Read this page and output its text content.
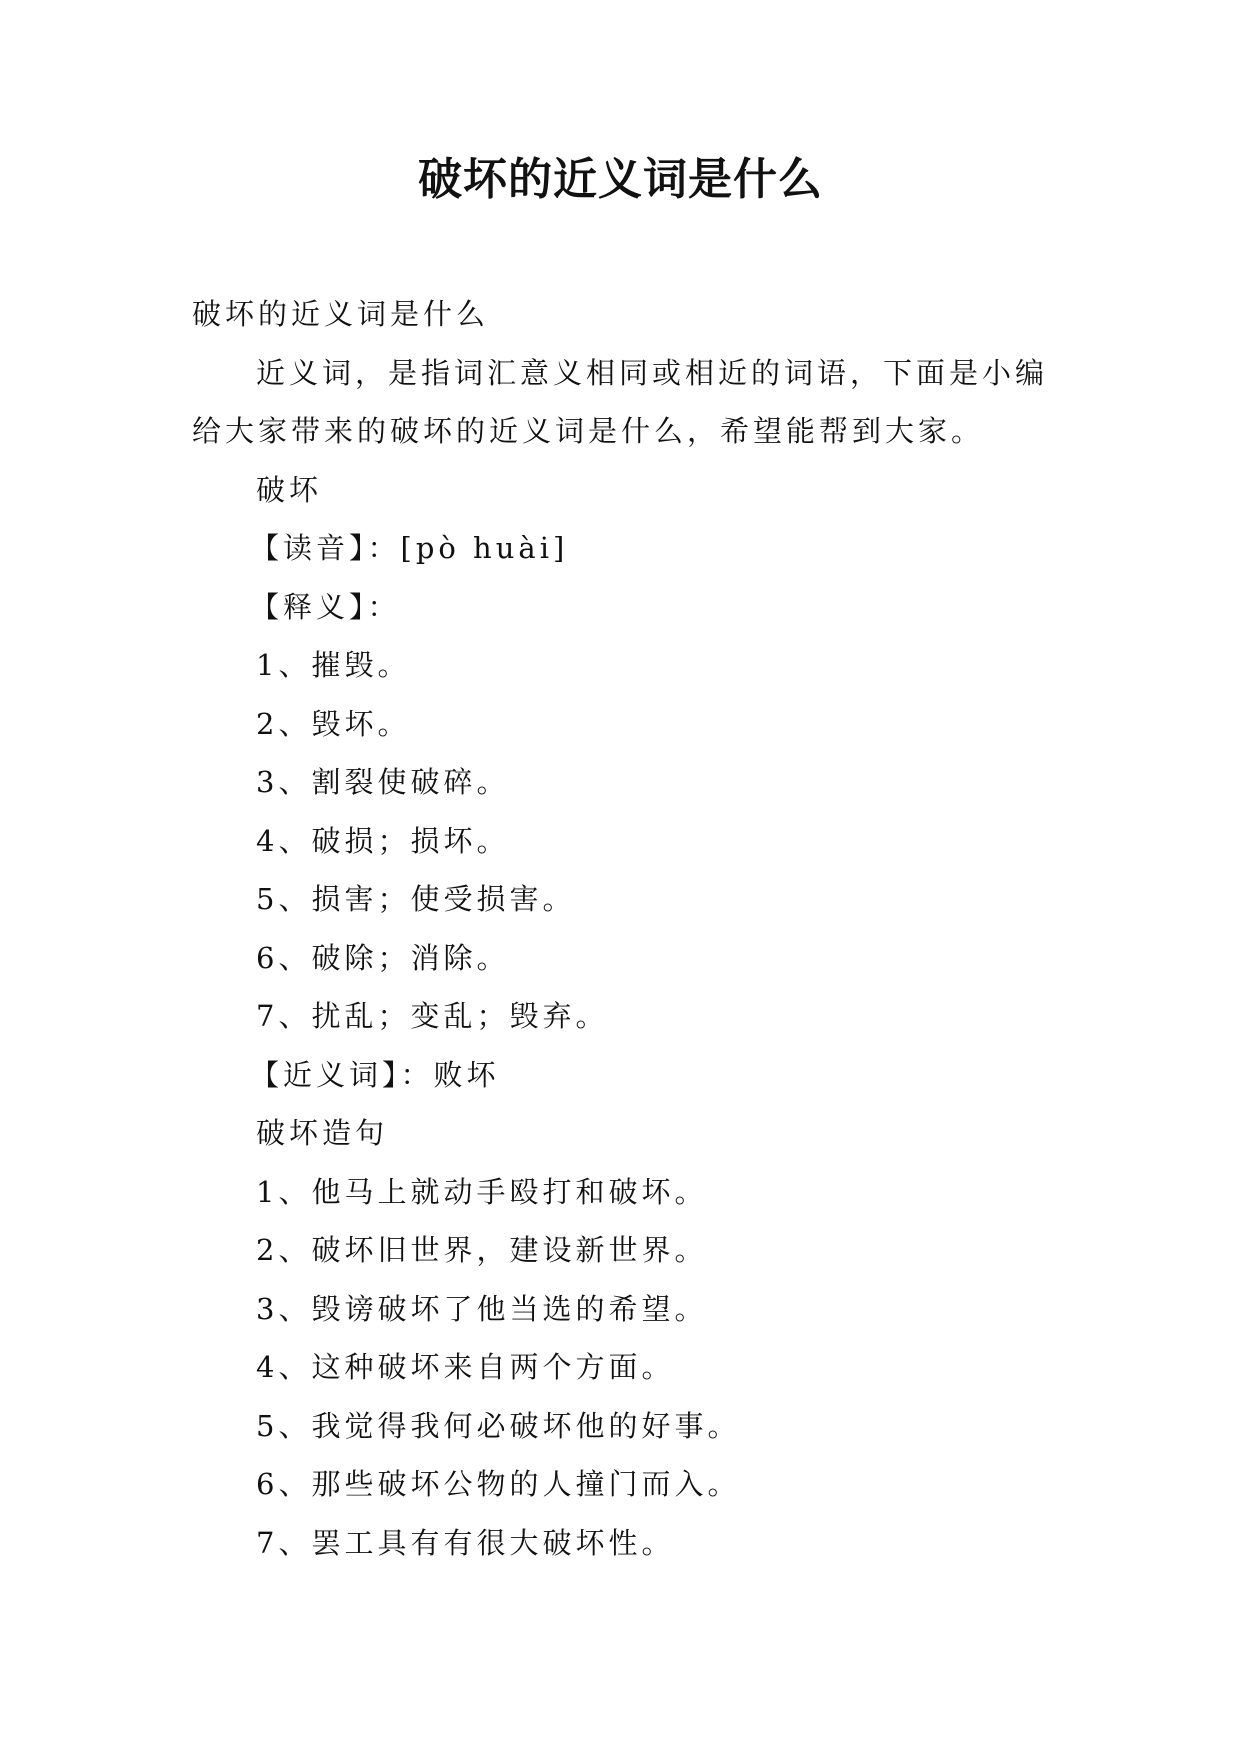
破坏的近义词是什么

破坏的近义词是什么

近义词，是指词汇意义相同或相近的词语，下面是小编给大家带来的破坏的近义词是什么，希望能帮到大家。

破坏

【读音】：[pò huài]

【释义】：

1、摧毁。

2、毁坏。

3、割裂使破碎。

4、破损；损坏。

5、损害；使受损害。

6、破除；消除。

7、扰乱；变乱；毁弃。

【近义词】：败坏

破坏造句

1、他马上就动手殴打和破坏。

2、破坏旧世界，建设新世界。

3、毁谤破坏了他当选的希望。

4、这种破坏来自两个方面。

5、我觉得我何必破坏他的好事。

6、那些破坏公物的人撞门而入。

7、罢工具有有很大破坏性。
